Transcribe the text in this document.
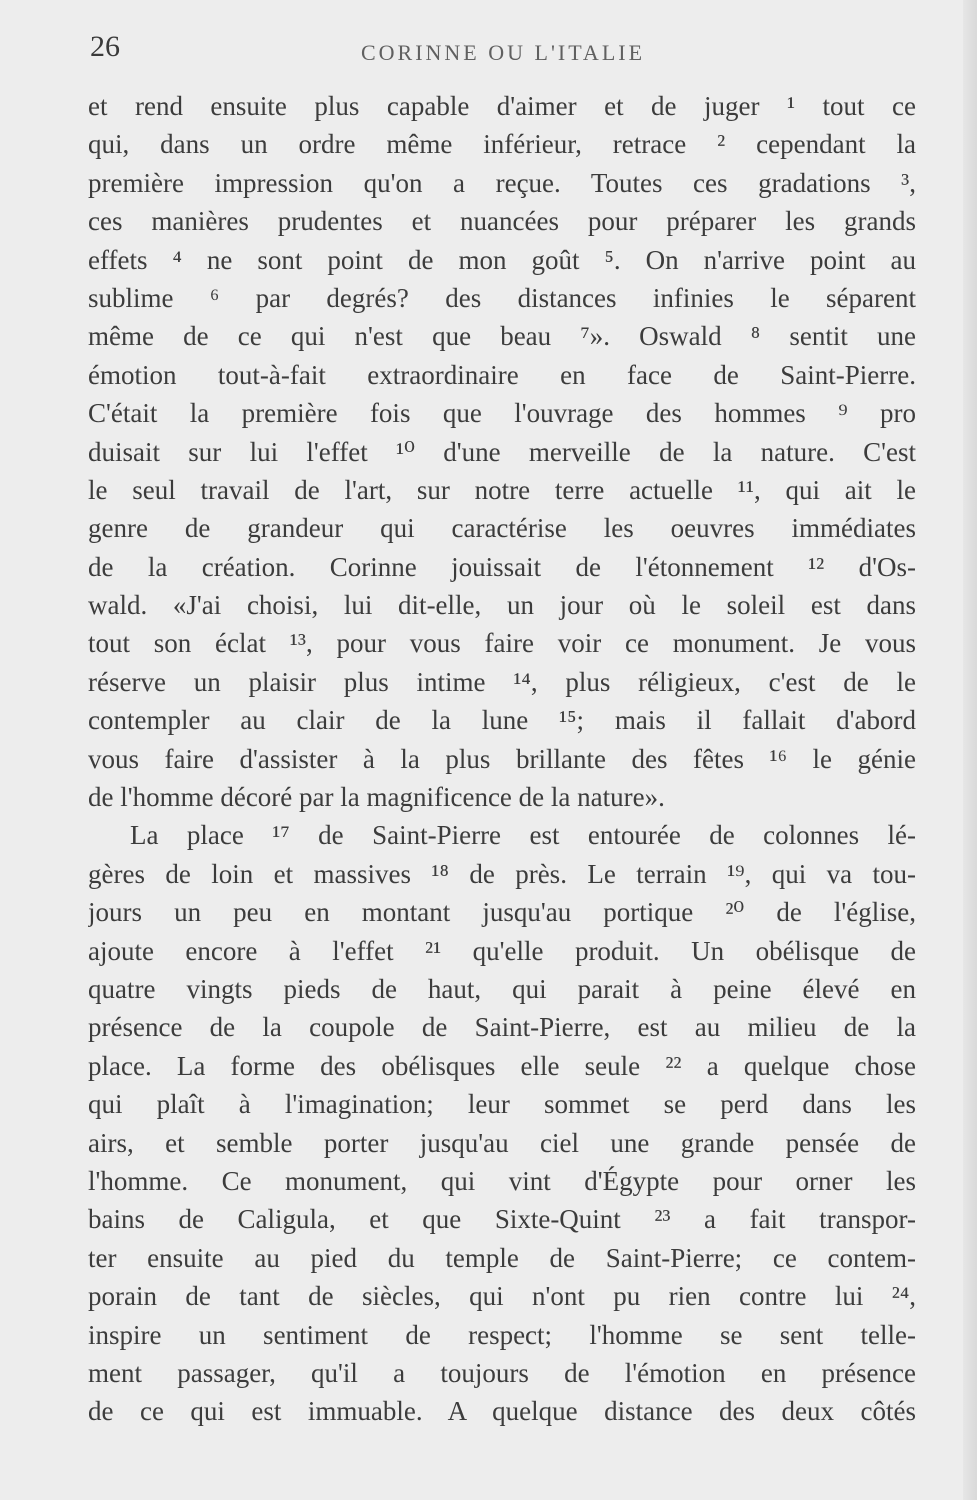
26	CORINNE OU L'ITALIE
et rend ensuite plus capable d'aimer et de juger ¹ tout ce
qui, dans un ordre même inférieur, retrace ² cependant la
première impression qu'on a reçue. Toutes ces gradations ³,
ces manières prudentes et nuancées pour préparer les grands
effets ⁴ ne sont point de mon goût ⁵. On n'arrive point au
sublime ⁶ par degrés? des distances infinies le séparent
même de ce qui n'est que beau ⁷». Oswald ⁸ sentit une
émotion tout-à-fait extraordinaire en face de Saint-Pierre.
C'était la première fois que l'ouvrage des hommes ⁹ pro
duisait sur lui l'effet ¹⁰ d'une merveille de la nature. C'est
le seul travail de l'art, sur notre terre actuelle ¹¹, qui ait le
genre de grandeur qui caractérise les oeuvres immédiates
de la création. Corinne jouissait de l'étonnement ¹² d'Os-
wald. «J'ai choisi, lui dit-elle, un jour où le soleil est dans
tout son éclat ¹³, pour vous faire voir ce monument. Je vous
réserve un plaisir plus intime ¹⁴, plus réligieux, c'est de le
contempler au clair de la lune ¹⁵; mais il fallait d'abord
vous faire d'assister à la plus brillante des fêtes ¹⁶ le génie
de l'homme décoré par la magnificence de la nature».
La place ¹⁷ de Saint-Pierre est entourée de colonnes lé-
gères de loin et massives ¹⁸ de près. Le terrain ¹⁹, qui va tou-
jours un peu en montant jusqu'au portique ²⁰ de l'église,
ajoute encore à l'effet ²¹ qu'elle produit. Un obélisque de
quatre vingts pieds de haut, qui parait à peine élevé en
présence de la coupole de Saint-Pierre, est au milieu de la
place. La forme des obélisques elle seule ²² a quelque chose
qui plaît à l'imagination; leur sommet se perd dans les
airs, et semble porter jusqu'au ciel une grande pensée de
l'homme. Ce monument, qui vint d'Égypte pour orner les
bains de Caligula, et que Sixte-Quint ²³ a fait transpor-
ter ensuite au pied du temple de Saint-Pierre; ce contem-
porain de tant de siècles, qui n'ont pu rien contre lui ²⁴,
inspire un sentiment de respect; l'homme se sent telle-
ment passager, qu'il a toujours de l'émotion en présence
de ce qui est immuable. A quelque distance des deux côtés
